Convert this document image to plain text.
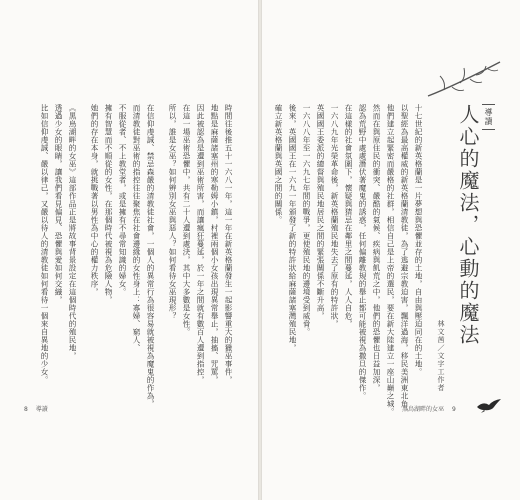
時間往後推五十一六八一年，這一年在新英格蘭發生一起影響重大的獵巫事件，
地點是麻薩諸塞州的寒勒姆小鎮，村裡兩個小女孩出現異常舉止，抽搐、咒罵，
因此被認為是遭到巫術所害，而讓瘋狂蔓延，於一年之間就有數百人遭到指控，
在這一場巫術恐懼中，共有二十人遭到處決，其中大多數是女性。
所以，誰是女巫？如何辨別女巫與惡人？如何看待女巫現形？
在信仰虔誠、禁忌森嚴的清教徒社會，一個人的異常行為很容易就被視為魔鬼的作為，
而清教徒對巫術的指控往往聚焦在社會邊緣的女性身上：寡婦、窮人、
不服從者、不上教堂者，或是擁有不尋常知識的婦女。
擁有智慧而不順從的女性，在那個時代被視為危險人物，
她們的存在本身，就挑戰著以男性為中心的權力秩序，
《黑鳥湖畔的女巫》這部作品正是將故事背景設定在這個時代的殖民地，
透過少女的眼睛，讓我們看見偏見、恐懼與愛如何交織，
比如信仰虔誠、嚴以律己，又嚴以待人的清教徒如何看待一個來自異地的少女。
8 導讀
十七世紀的新英格蘭是一片夢想與恐懼並存的土地，自由與壓迫同在的土地。
以聖經為最高權威的新英格蘭清教徒，為了逃避宗教迫害，飄洋過海，移民美洲東北角，
他們建立起緊密而嚴格的社群，相信自己是上帝的選民，要在新大陸建立一座山巔之城。
然而在與原住民的衝突、嚴酷的氣候、疾病與飢荒之中，他們的恐懼也日益加深，
認為荒野中處處潛伏著魔鬼的誘惑，任何偏離教規的舉止都可能被視為撒旦的傑作。
在這樣的社會氛圍下，懷疑與猜忌在鄰里之間蔓延，人人自危，
一六八九年光榮革命後，新英格蘭殖民地失去了原有的特許狀，
英國國王委派的總督與殖民地居民之間的緊張關係不斷升高，
一六八八年至一六九七年間的戰爭，更使殖民地的邊境受到威脅。
後來，英國國王在一六九一年頒發了新的特許狀給麻薩諸塞灣殖民地，
確立新英格蘭與英國之間的關係。
黑鳥湖畔的女巫 9
導讀
人心的魔法，心動的魔法
林文茜／文字工作者
